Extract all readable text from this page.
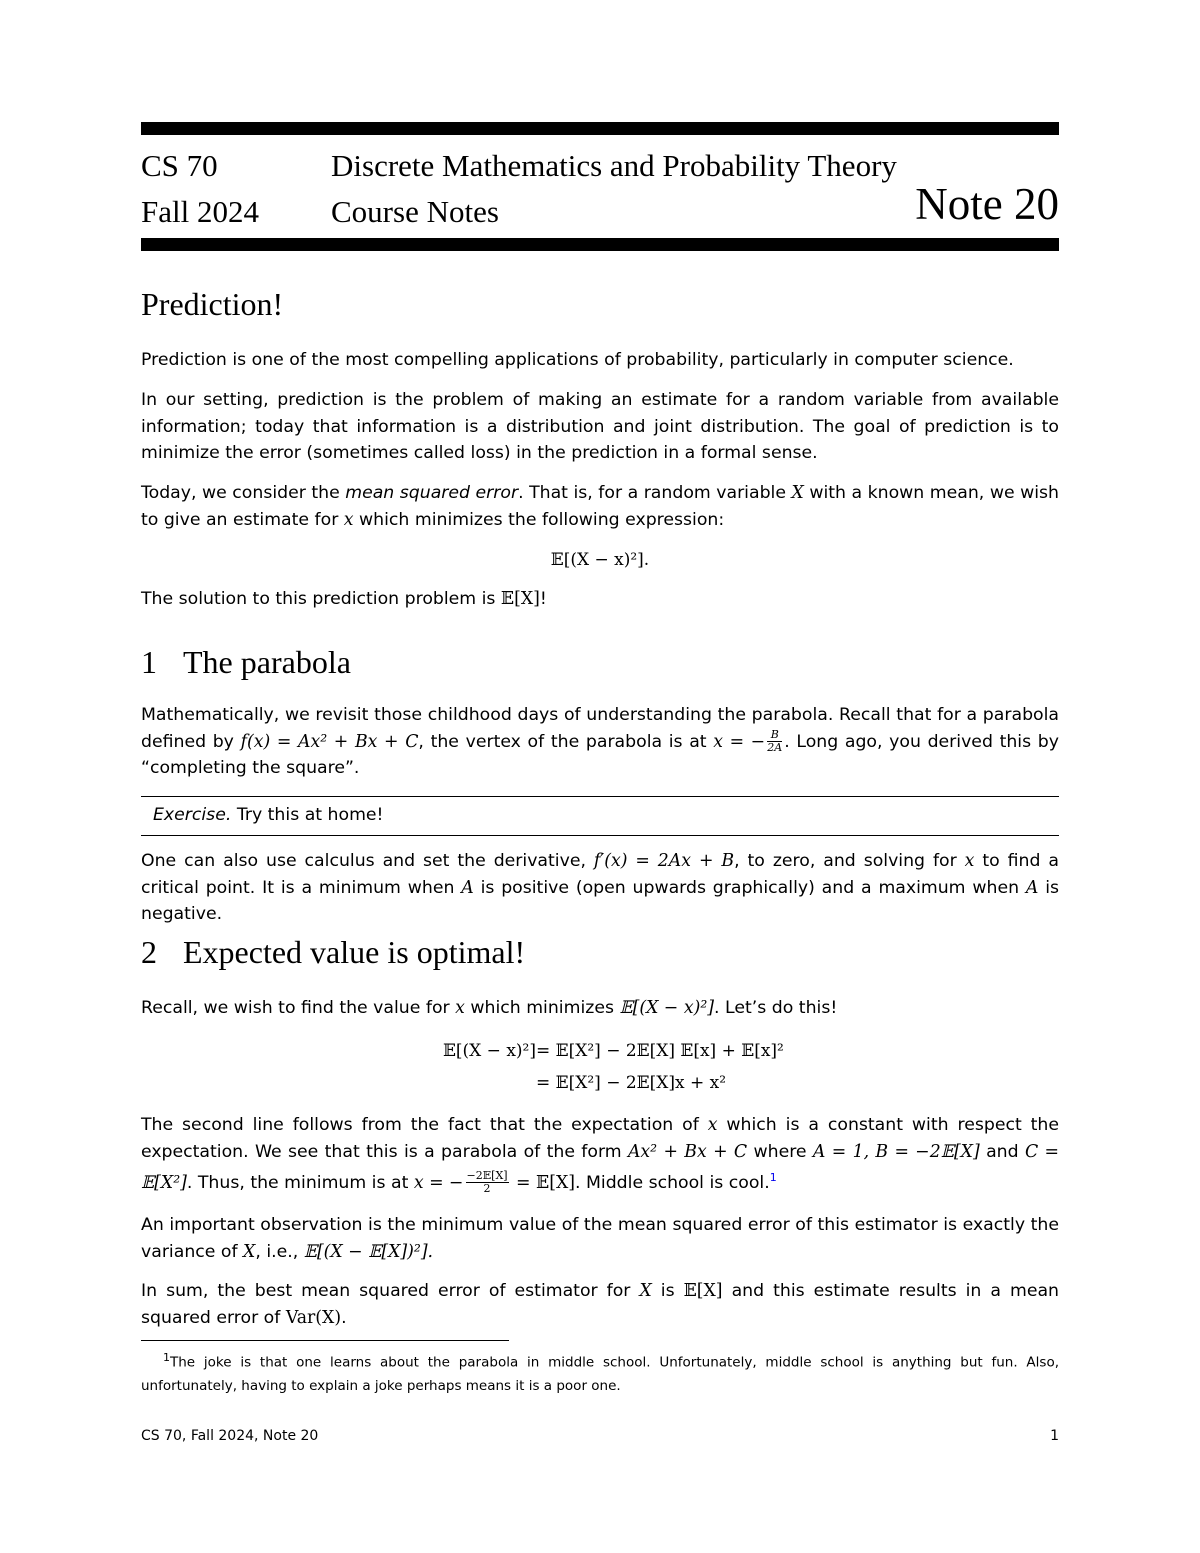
CS 70	Discrete Mathematics and Probability Theory
Fall 2024 Course Notes	Note 20
Prediction!
Prediction is one of the most compelling applications of probability, particularly in computer science.
In our setting, prediction is the problem of making an estimate for a random variable from available information; today that information is a distribution and joint distribution. The goal of prediction is to minimize the error (sometimes called loss) in the prediction in a formal sense.
Today, we consider the mean squared error. That is, for a random variable X with a known mean, we wish to give an estimate for x which minimizes the following expression:
𝔼[(X − x)²].
The solution to this prediction problem is 𝔼[X]!
1 The parabola
Mathematically, we revisit those childhood days of understanding the parabola. Recall that for a parabola defined by f(x) = Ax² + Bx + C, the vertex of the parabola is at x = − $\frac{B}{2A}$ . Long ago, you derived this by “completing the square”.
Exercise. Try this at home!
One can also use calculus and set the derivative, f′(x) = 2Ax + B, to zero, and solving for x to find a critical point. It is a minimum when A is positive (open upwards graphically) and a maximum when A is negative.
2 Expected value is optimal!
Recall, we wish to find the value for x which minimizes 𝔼[(X − x)²]. Let’s do this!
𝔼[(X − x)²] = 𝔼[X²] − 2𝔼[X] 𝔼[x] + 𝔼[x]²
= 𝔼[X²] − 2𝔼[X]x + x²
The second line follows from the fact that the expectation of x which is a constant with respect the expectation. We see that this is a parabola of the form Ax² + Bx + C where A = 1, B = −2𝔼[X] and C = 𝔼[X²]. Thus, the minimum is at x = − $\frac{\text{−2𝔼[X]}}{2}$ = 𝔼[X]. Middle school is cool.$^1$
An important observation is the minimum value of the mean squared error of this estimator is exactly the variance of X, i.e., 𝔼[(X − 𝔼[X])²].
In sum, the best mean squared error of estimator for X is 𝔼[X] and this estimate results in a mean squared error of Var(X).
$^1$The joke is that one learns about the parabola in middle school. Unfortunately, middle school is anything but fun. Also, unfortunately, having to explain a joke perhaps means it is a poor one.
CS 70, Fall 2024, Note 20	1
